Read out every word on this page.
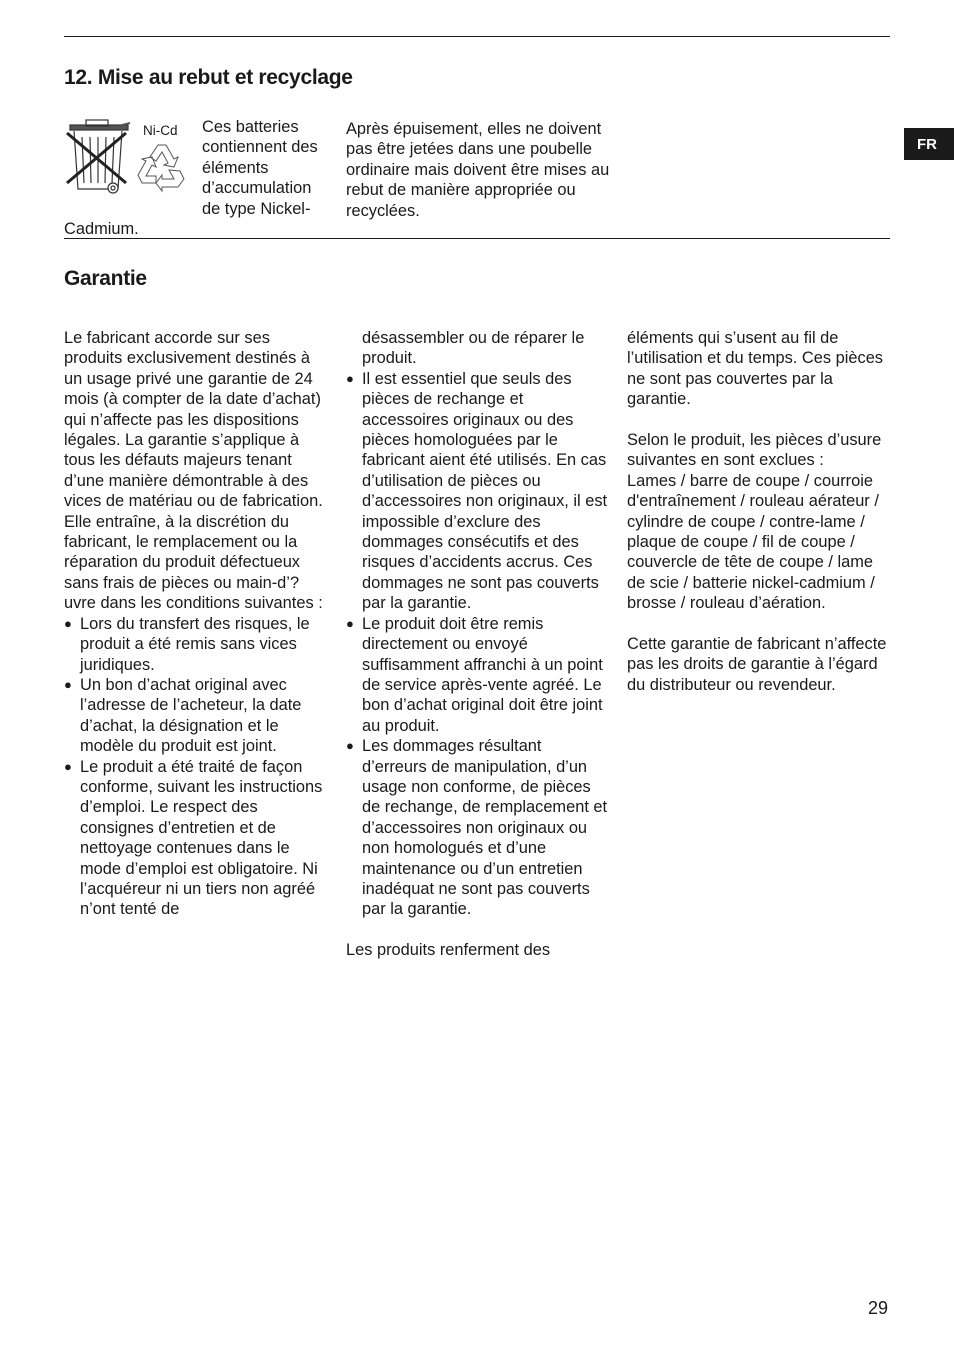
12. Mise au rebut et recyclage
FR
Ni-Cd Ces batteries contiennent des éléments d’accumulation de type Nickel-Cadmium.
Après épuisement, elles ne doivent pas être jetées dans une poubelle ordinaire mais doivent être mises au rebut de manière appropriée ou recyclées.
Garantie

Le fabricant accorde sur ses produits exclusivement destinés à un usage privé une garantie de 24 mois (à compter de la date d’achat) qui n’affecte pas les dispositions légales. La garantie s’applique à tous les défauts majeurs tenant d’une manière démontrable à des vices de matériau ou de fabrication. Elle entraîne, à la discrétion du fabricant, le remplacement ou la réparation du produit défectueux sans frais de pièces ou main-d’?uvre dans les conditions suivantes :

● Lors du transfert des risques, le produit a été remis sans vices juridiques.
● Un bon d’achat original avec l’adresse de l’acheteur, la date d’achat, la désignation et le modèle du produit est joint.
● Le produit a été traité de façon conforme, suivant les instructions d’emploi. Le respect des consignes d’entretien et de nettoyage contenues dans le mode d’emploi est obligatoire. Ni l’acquéreur ni un tiers non agréé n’ont tenté de

désassembler ou de réparer le produit.

● Il est essentiel que seuls des pièces de rechange et accessoires originaux ou des pièces homologuées par le fabricant aient été utilisés. En cas d’utilisation de pièces ou d’accessoires non originaux, il est impossible d’exclure des dommages consécutifs et des risques d’accidents accrus. Ces dommages ne sont pas couverts par la garantie.
● Le produit doit être remis directement ou envoyé suffisamment affranchi à un point de service après-vente agréé. Le bon d’achat original doit être joint au produit.
● Les dommages résultant d’erreurs de manipulation, d’un usage non conforme, de pièces de rechange, de remplacement et d’accessoires non originaux ou non homologués et d’une maintenance ou d’un entretien inadéquat ne sont pas couverts par la garantie.

Les produits renferment des

éléments qui s’usent au fil de l’utilisation et du temps. Ces pièces ne sont pas couvertes par la garantie.

Selon le produit, les pièces d’usure suivantes en sont exclues :

Lames / barre de coupe / courroie d'entraînement / rouleau aérateur / cylindre de coupe / contre-lame / plaque de coupe / fil de coupe / couvercle de tête de coupe / lame de scie / batterie nickel-cadmium / brosse / rouleau d’aération.

Cette garantie de fabricant n’affecte pas les droits de garantie à l’égard du distributeur ou revendeur.

29
